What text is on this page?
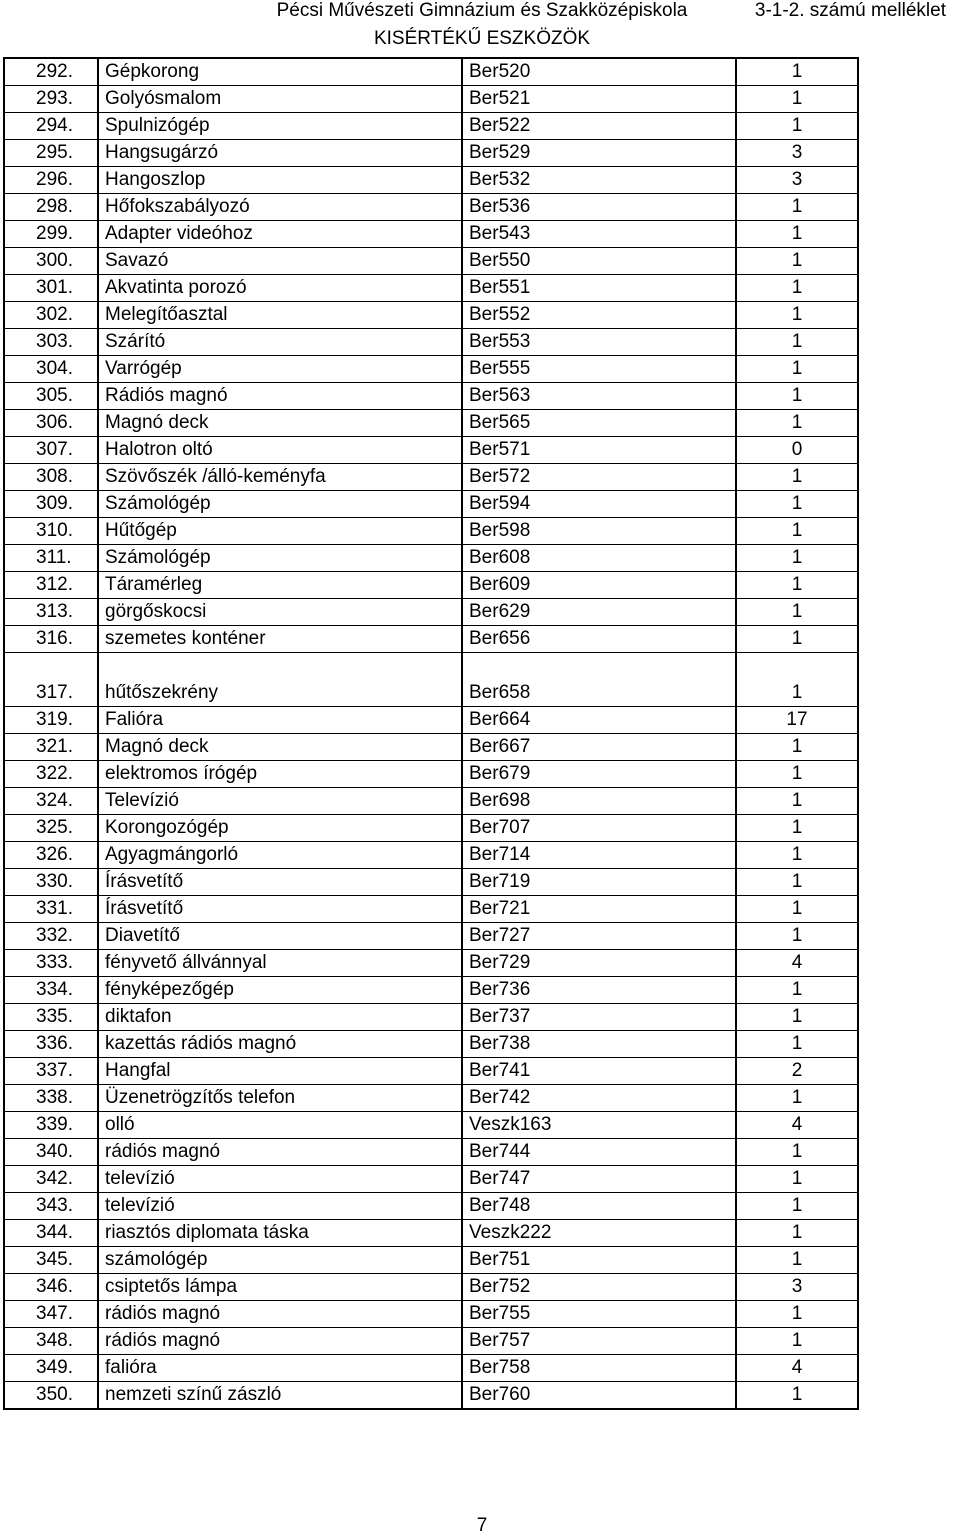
Pécsi Művészeti Gimnázium és Szakközépiskola
KISÉRTÉKŰ ESZKÖZÖK
3-1-2. számú melléklet
292.	Gépkorong	Ber520	1
293.	Golyósmalom	Ber521	1
294.	Spulnizógép	Ber522	1
295.	Hangsugárzó	Ber529	3
296.	Hangoszlop	Ber532	3
298.	Hőfokszabályozó	Ber536	1
299.	Adapter videóhoz	Ber543	1
300.	Savazó	Ber550	1
301.	Akvatinta porozó	Ber551	1
302.	Melegítőasztal	Ber552	1
303.	Szárító	Ber553	1
304.	Varrógép	Ber555	1
305.	Rádiós magnó	Ber563	1
306.	Magnó deck	Ber565	1
307.	Halotron oltó	Ber571	0
308.	Szövőszék /álló-keményfa	Ber572	1
309.	Számológép	Ber594	1
310.	Hűtőgép	Ber598	1
311.	Számológép	Ber608	1
312.	Táramérleg	Ber609	1
313.	görgőskocsi	Ber629	1
316.	szemetes konténer	Ber656	1
317.	hűtőszekrény	Ber658	1
319.	Falióra	Ber664	17
321.	Magnó deck	Ber667	1
322.	elektromos írógép	Ber679	1
324.	Televízió	Ber698	1
325.	Korongozógép	Ber707	1
326.	Agyagmángorló	Ber714	1
330.	Írásvetítő	Ber719	1
331.	Írásvetítő	Ber721	1
332.	Diavetítő	Ber727	1
333.	fényvető állvánnyal	Ber729	4
334.	fényképezőgép	Ber736	1
335.	diktafon	Ber737	1
336.	kazettás rádiós magnó	Ber738	1
337.	Hangfal	Ber741	2
338.	Üzenetrögzítős telefon	Ber742	1
339.	olló	Veszk163	4
340.	rádiós magnó	Ber744	1
342.	televízió	Ber747	1
343.	televízió	Ber748	1
344.	riasztós diplomata táska	Veszk222	1
345.	számológép	Ber751	1
346.	csiptetős lámpa	Ber752	3
347.	rádiós magnó	Ber755	1
348.	rádiós magnó	Ber757	1
349.	falióra	Ber758	4
350.	nemzeti színű zászló	Ber760	1
7
